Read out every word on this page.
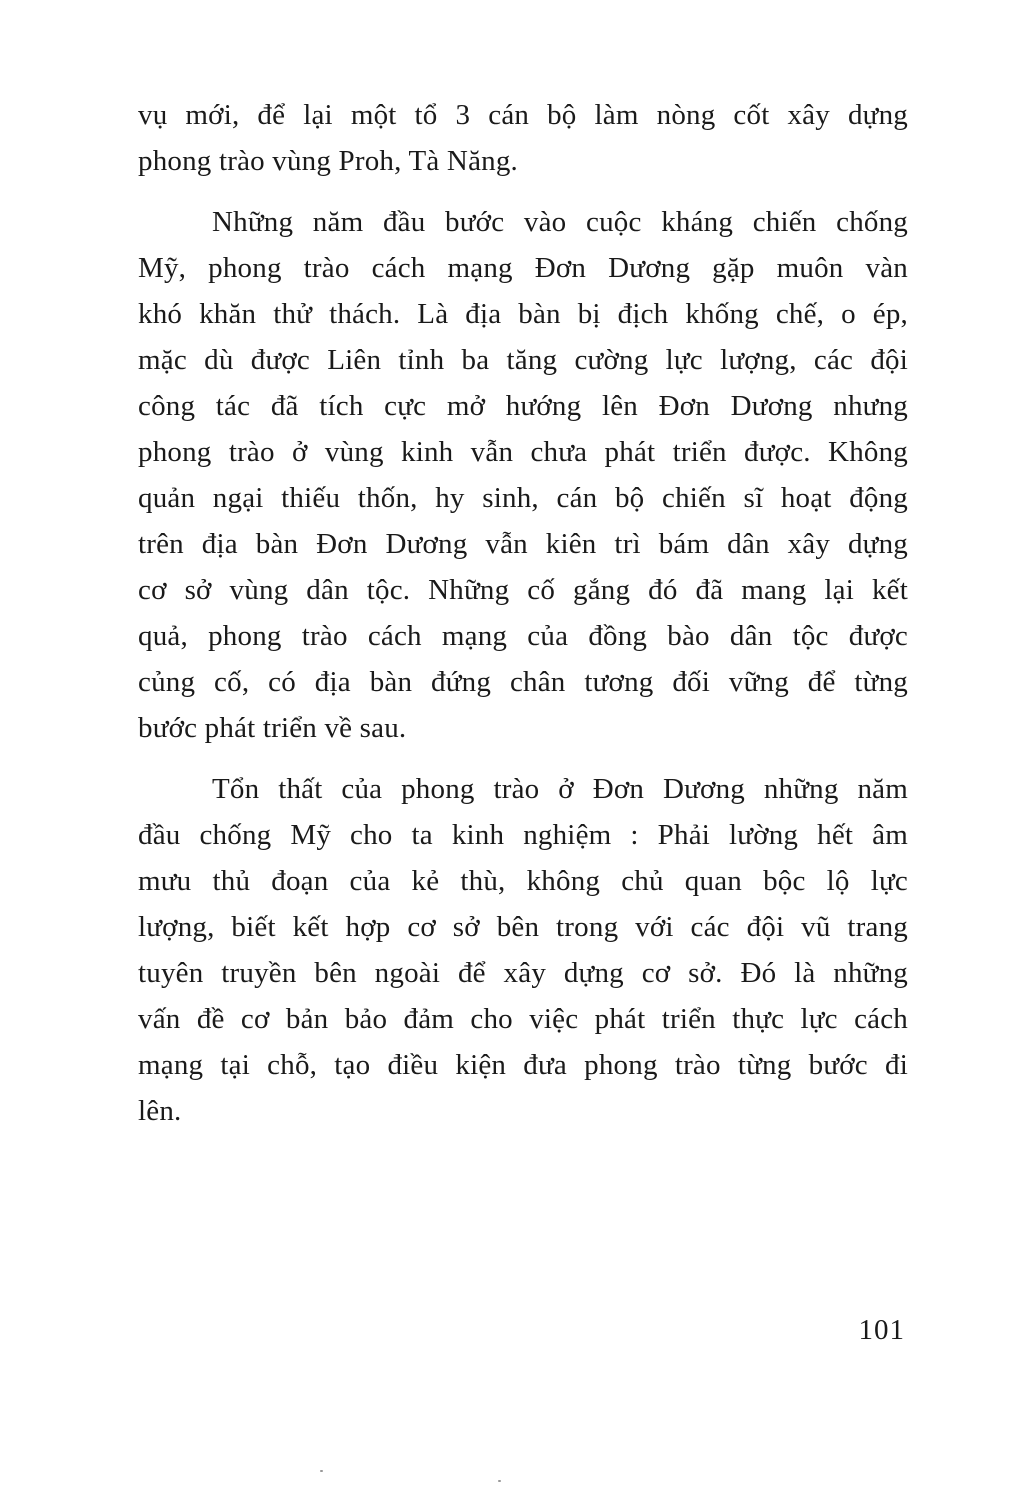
vụ mới, để lại một tổ 3 cán bộ làm nòng cốt xây dựng
phong trào vùng Proh, Tà Năng.
Những năm đầu bước vào cuộc kháng chiến chống
Mỹ, phong trào cách mạng Đơn Dương gặp muôn vàn
khó khăn thử thách. Là địa bàn bị địch khống chế, o ép,
mặc dù được Liên tỉnh ba tăng cường lực lượng, các đội
công tác đã tích cực mở hướng lên Đơn Dương nhưng
phong trào ở vùng kinh vẫn chưa phát triển được. Không
quản ngại thiếu thốn, hy sinh, cán bộ chiến sĩ hoạt động
trên địa bàn Đơn Dương vẫn kiên trì bám dân xây dựng
cơ sở vùng dân tộc. Những cố gắng đó đã mang lại kết
quả, phong trào cách mạng của đồng bào dân tộc được
củng cố, có địa bàn đứng chân tương đối vững để từng
bước phát triển về sau.
Tổn thất của phong trào ở Đơn Dương những năm
đầu chống Mỹ cho ta kinh nghiệm : Phải lường hết âm
mưu thủ đoạn của kẻ thù, không chủ quan bộc lộ lực
lượng, biết kết hợp cơ sở bên trong với các đội vũ trang
tuyên truyền bên ngoài để xây dựng cơ sở. Đó là những
vấn đề cơ bản bảo đảm cho việc phát triển thực lực cách
mạng tại chỗ, tạo điều kiện đưa phong trào từng bước đi
lên.
101
